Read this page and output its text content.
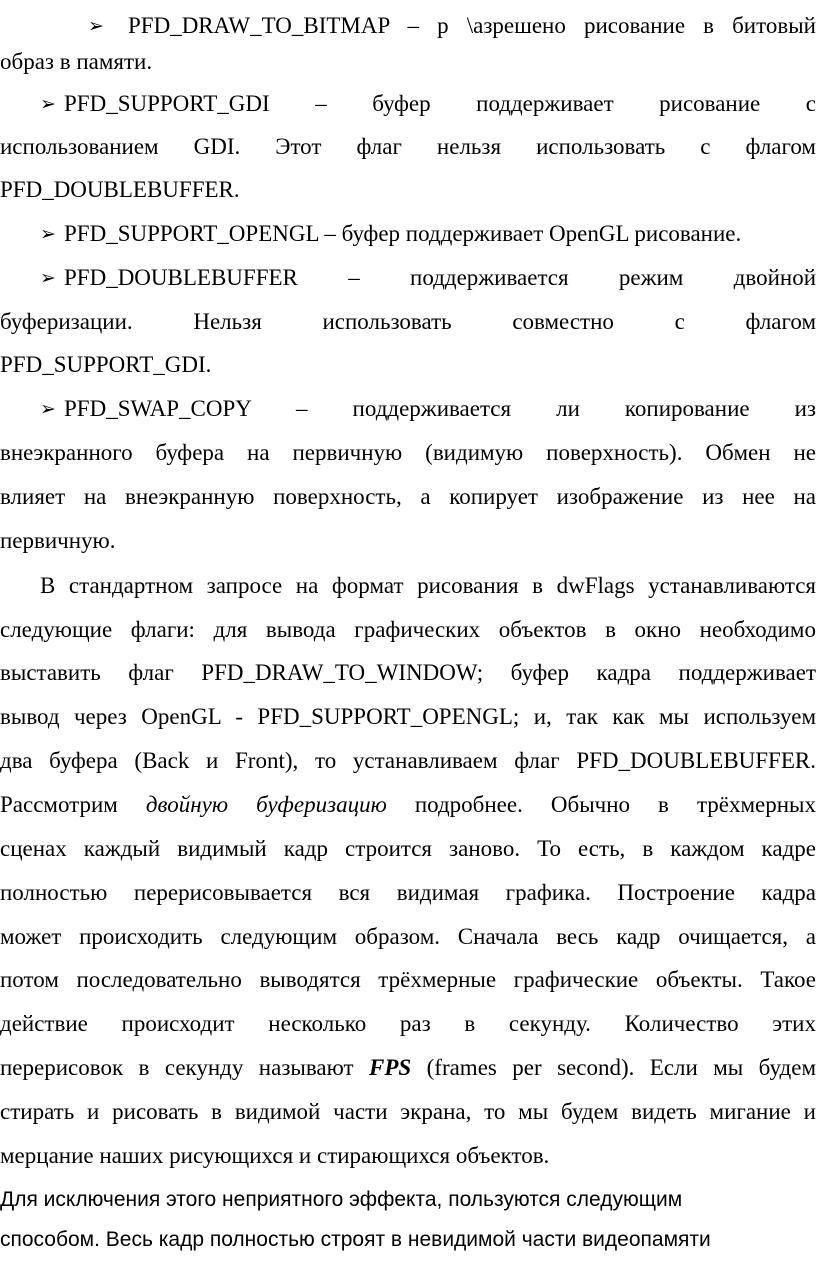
➢ PFD_DRAW_TO_BITMAP – р \азрешено рисование в битовый
образ в памяти.
➢ PFD_SUPPORT_GDI – буфер поддерживает рисование с
использованием GDI. Этот флаг нельзя использовать с флагом
PFD_DOUBLEBUFFER.
➢ PFD_SUPPORT_OPENGL – буфер поддерживает OpenGL рисование.
➢ PFD_DOUBLEBUFFER – поддерживается режим двойной
буферизации. Нельзя использовать совместно с флагом
PFD_SUPPORT_GDI.
➢ PFD_SWAP_COPY – поддерживается ли копирование из
внеэкранного буфера на первичную (видимую поверхность). Обмен не
влияет на внеэкранную поверхность, а копирует изображение из нее на
первичную.
В стандартном запросе на формат рисования в dwFlags устанавливаются
следующие флаги: для вывода графических объектов в окно необходимо
выставить флаг PFD_DRAW_TO_WINDOW; буфер кадра поддерживает
вывод через OpenGL - PFD_SUPPORT_OPENGL; и, так как мы используем
два буфера (Back и Front), то устанавливаем флаг PFD_DOUBLEBUFFER.
Рассмотрим двойную буферизацию подробнее. Обычно в трёхмерных
сценах каждый видимый кадр строится заново. То есть, в каждом кадре
полностью перерисовывается вся видимая графика. Построение кадра
может происходить следующим образом. Сначала весь кадр очищается, а
потом последовательно выводятся трёхмерные графические объекты. Такое
действие происходит несколько раз в секунду. Количество этих
перерисовок в секунду называют FPS (frames per second). Если мы будем
стирать и рисовать в видимой части экрана, то мы будем видеть мигание и
мерцание наших рисующихся и стирающихся объектов.
Для исключения этого неприятного эффекта, пользуются следующим
способом. Весь кадр полностью строят в невидимой части видеопамяти
